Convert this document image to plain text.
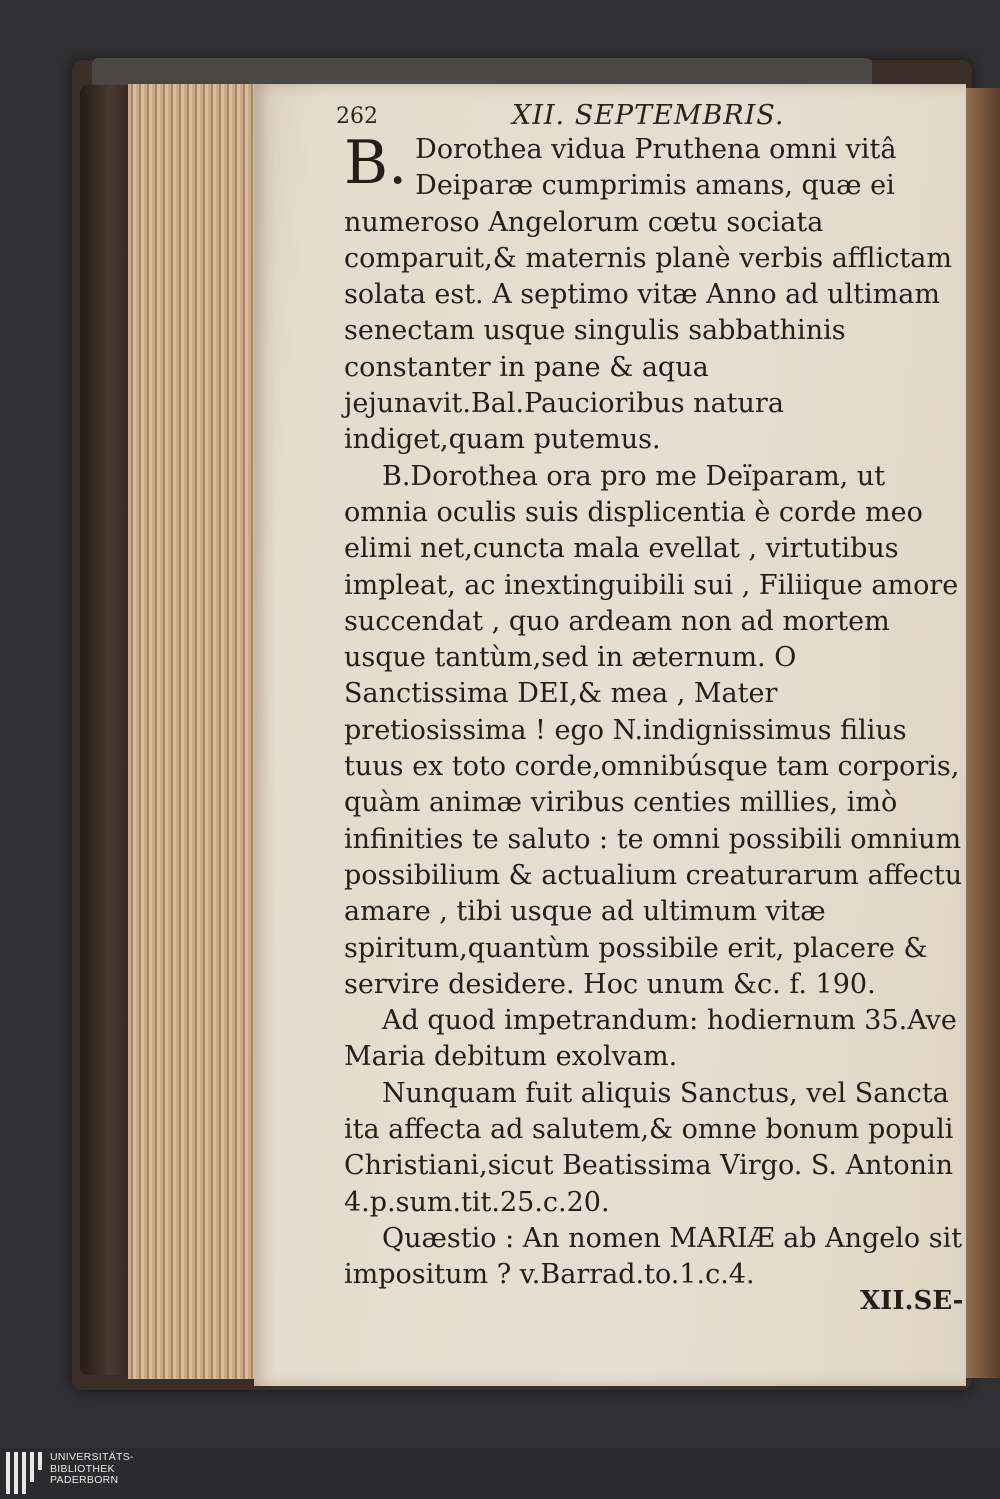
262	XII. SEPTEMBRIS.

B. Dorothea vidua Pruthena omni vitâ Deiparæ cumprimis amans, quæ ei numeroso Angelorum cœtu sociata comparuit,& maternis planè verbis afflictam solata est. A septimo vitæ Anno ad ultimam senectam usque singulis sabbathinis constanter in pane & aqua jejunavit.Bal.Paucioribus natura indiget,quam putemus.

B.Dorothea ora pro me Deïparam, ut omnia oculis suis displicentia è corde meo elimi net,cuncta mala evellat , virtutibus impleat, ac inextinguibili sui , Filiique amore succendat , quo ardeam non ad mortem usque tantùm,sed in æternum. O Sanctissima DEI,& mea , Mater pretiosissima ! ego N.indignissimus filius tuus ex toto corde,omnibúsque tam corporis, quàm animæ viribus centies millies, imò infinities te saluto : te omni possibili omnium possibilium & actualium creaturarum affectu amare , tibi usque ad ultimum vitæ spiritum,quantùm possibile erit, placere & servire desidere. Hoc unum &c. f. 190.

Ad quod impetrandum: hodiernum 35.Ave Maria debitum exolvam.

Nunquam fuit aliquis Sanctus, vel Sancta ita affecta ad salutem,& omne bonum populi Christiani,sicut Beatissima Virgo. S. Antonin 4.p.sum.tit.25.c.20.

Quæstio : An nomen MARIÆ ab Angelo sit impositum ? v.Barrad.to.1.c.4.

XII.SE-
UNIVERSITÄTS-
BIBLIOTHEK
PADERBORN
